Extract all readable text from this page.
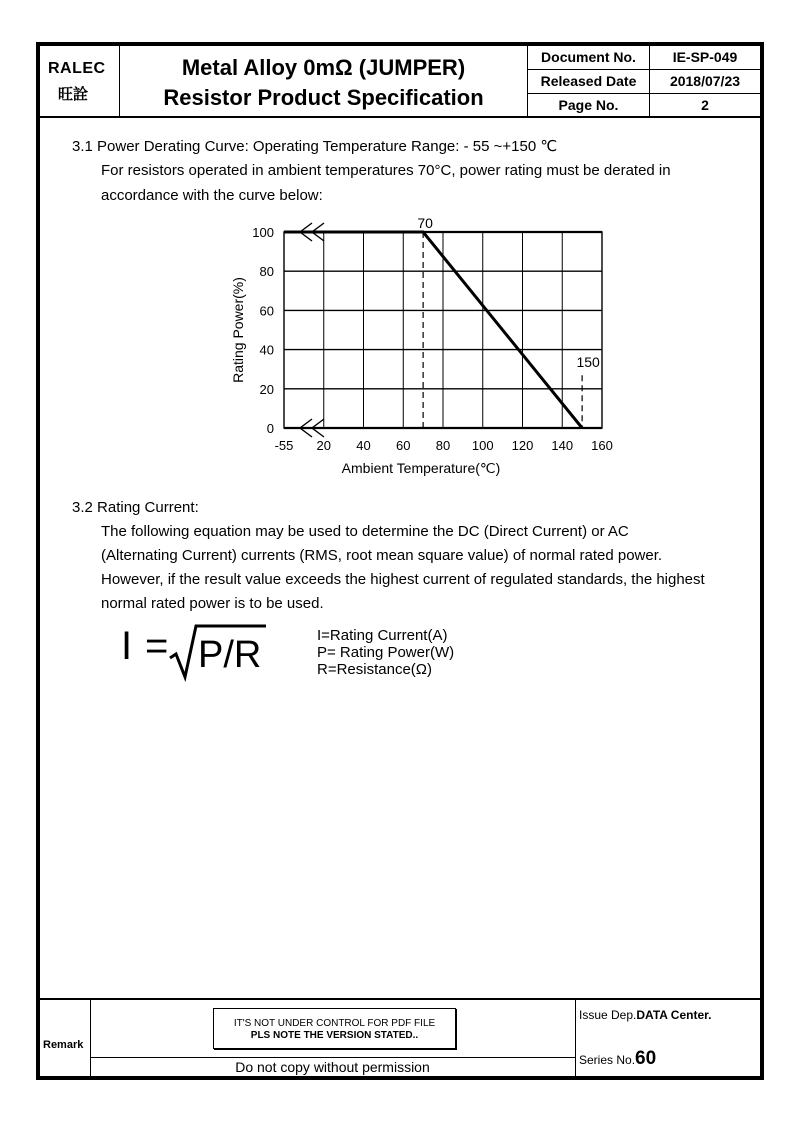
RALEC
旺詮
Metal Alloy 0mΩ (JUMPER)
Resistor Product Specification
Document No.	IE-SP-049
Released Date	2018/07/23
Page No.	2
3.1 Power Derating Curve: Operating Temperature Range: - 55 ~+150 ℃
For resistors operated in ambient temperatures 70°C, power rating must be derated in
accordance with the curve below:
100
80
60
40
20
0
-55 20 40 60 80 100 120 140 160
70
150
Ambient Temperature(℃)
Rating Power(%)
3.2 Rating Current:
The following equation may be used to determine the DC (Direct Current) or AC
(Alternating Current) currents (RMS, root mean square value) of normal rated power.
However, if the result value exceeds the highest current of regulated standards, the highest
normal rated power is to be used.
I = P/R	I=Rating Current(A)
P= Rating Power(W)
R=Resistance(Ω)
Remark
IT'S NOT UNDER CONTROL FOR PDF FILE
PLS NOTE THE VERSION STATED..
Do not copy without permission
Issue Dep.DATA Center.
Series No.60
